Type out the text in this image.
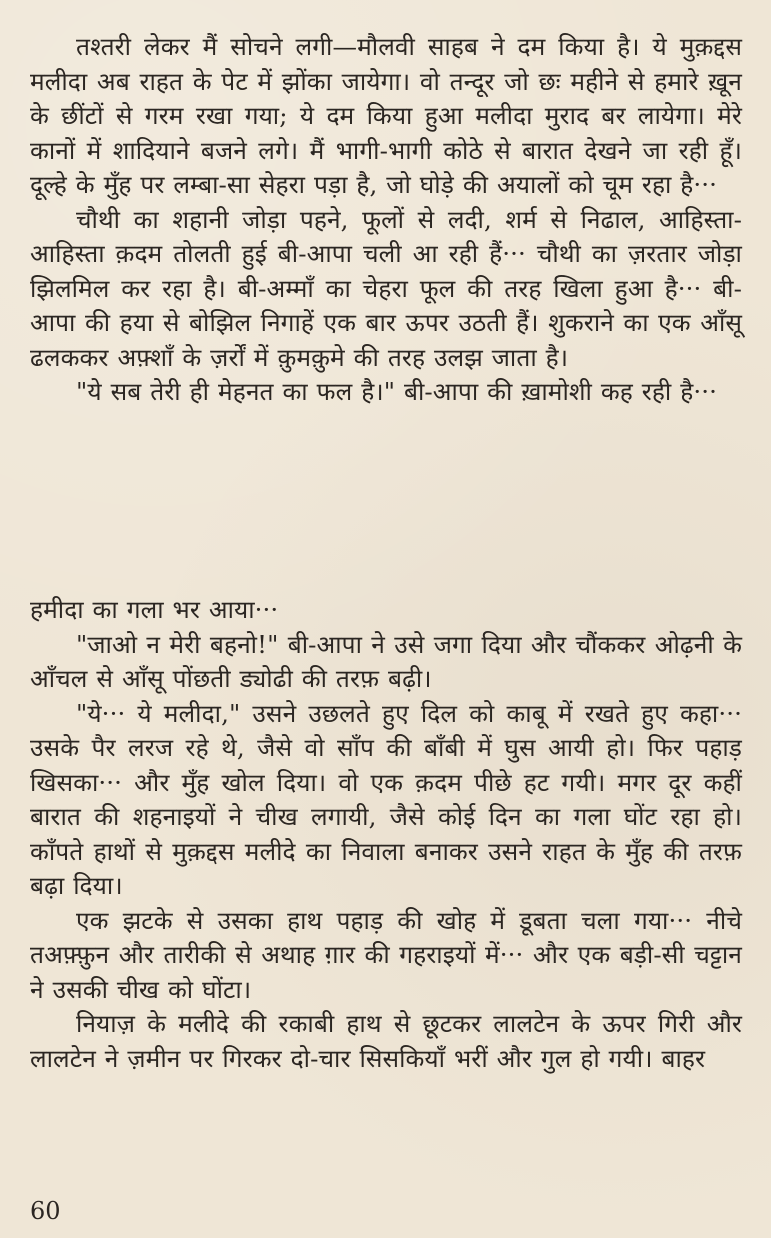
तश्तरी लेकर मैं सोचने लगी—मौलवी साहब ने दम किया है। ये मुक़द्दस मलीदा अब राहत के पेट में झोंका जायेगा। वो तन्दूर जो छः महीने से हमारे ख़ून के छींटों से गरम रखा गया; ये दम किया हुआ मलीदा मुराद बर लायेगा। मेरे कानों में शादियाने बजने लगे। मैं भागी-भागी कोठे से बारात देखने जा रही हूँ। दूल्हे के मुँह पर लम्बा-सा सेहरा पड़ा है, जो घोड़े की अयालों को चूम रहा है···

चौथी का शहानी जोड़ा पहने, फूलों से लदी, शर्म से निढाल, आहिस्ता-आहिस्ता क़दम तोलती हुई बी-आपा चली आ रही हैं··· चौथी का ज़रतार जोड़ा झिलमिल कर रहा है। बी-अम्माँ का चेहरा फूल की तरह खिला हुआ है··· बी-आपा की हया से बोझिल निगाहें एक बार ऊपर उठती हैं। शुकराने का एक आँसू ढलककर अफ़्शाँ के ज़र्रों में क़ुमक़ुमे की तरह उलझ जाता है।

"ये सब तेरी ही मेहनत का फल है।" बी-आपा की ख़ामोशी कह रही है···

हमीदा का गला भर आया···

"जाओ न मेरी बहनो!" बी-आपा ने उसे जगा दिया और चौंककर ओढ़नी के आँचल से आँसू पोंछती ड्योढी की तरफ़ बढ़ी।

"ये··· ये मलीदा," उसने उछलते हुए दिल को काबू में रखते हुए कहा··· उसके पैर लरज रहे थे, जैसे वो साँप की बाँबी में घुस आयी हो। फिर पहाड़ खिसका··· और मुँह खोल दिया। वो एक क़दम पीछे हट गयी। मगर दूर कहीं बारात की शहनाइयों ने चीख लगायी, जैसे कोई दिन का गला घोंट रहा हो। काँपते हाथों से मुक़द्दस मलीदे का निवाला बनाकर उसने राहत के मुँह की तरफ़ बढ़ा दिया।

एक झटके से उसका हाथ पहाड़ की खोह में डूबता चला गया··· नीचे तअफ़्फ़ुन और तारीकी से अथाह ग़ार की गहराइयों में··· और एक बड़ी-सी चट्टान ने उसकी चीख को घोंटा।

नियाज़ के मलीदे की रकाबी हाथ से छूटकर लालटेन के ऊपर गिरी और लालटेन ने ज़मीन पर गिरकर दो-चार सिसकियाँ भरीं और गुल हो गयी। बाहर

60
